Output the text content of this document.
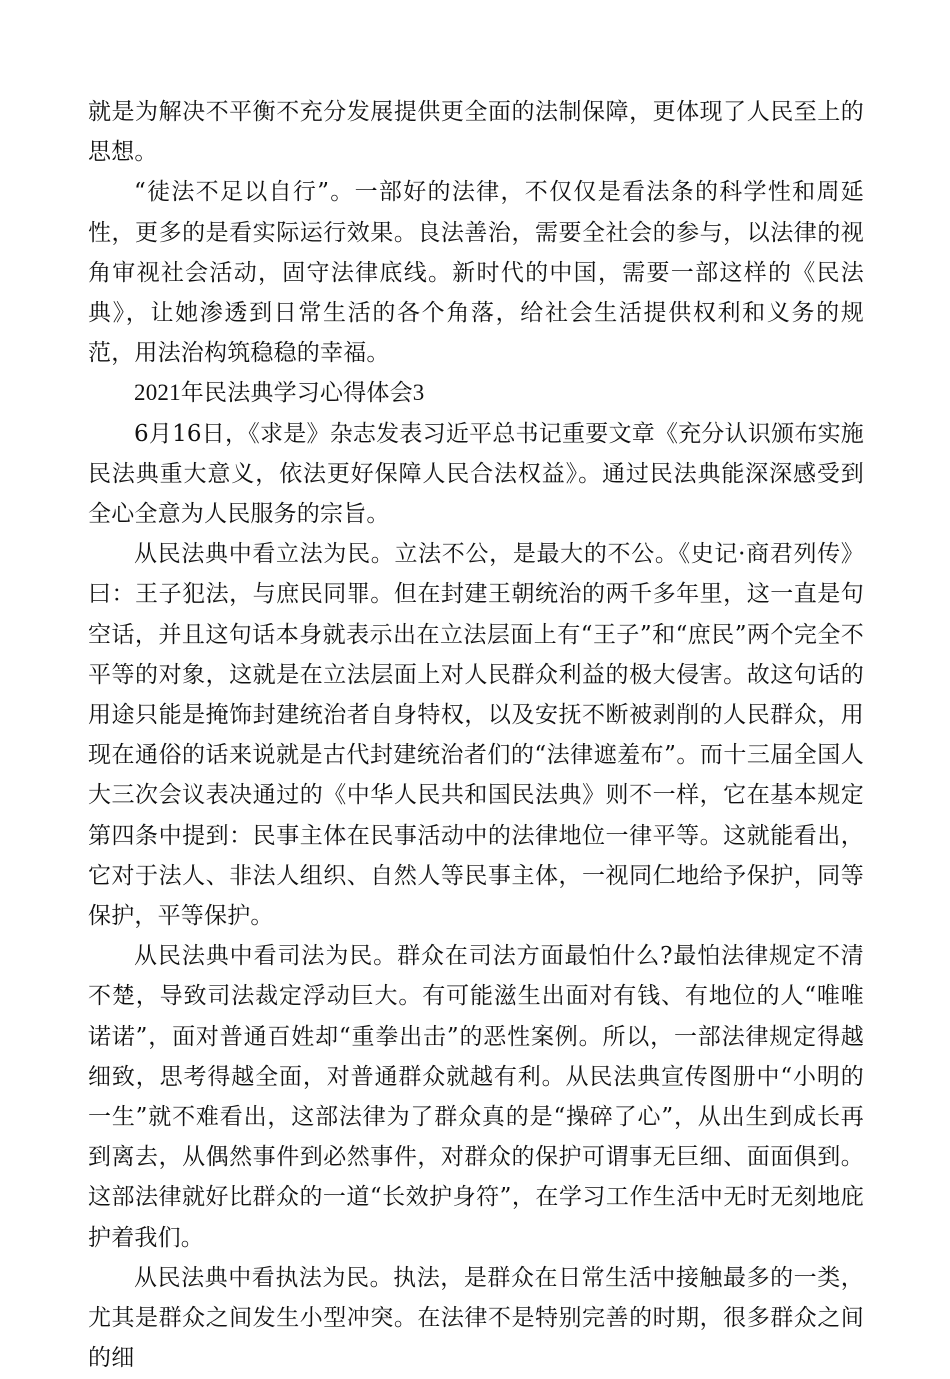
就是为解决不平衡不充分发展提供更全面的法制保障，更体现了人民至上的思想。

“徒法不足以自行”。一部好的法律，不仅仅是看法条的科学性和周延性，更多的是看实际运行效果。良法善治，需要全社会的参与，以法律的视角审视社会活动，固守法律底线。新时代的中国，需要一部这样的《民法典》，让她渗透到日常生活的各个角落，给社会生活提供权利和义务的规范，用法治构筑稳稳的幸福。

2021年民法典学习心得体会3

6月16日，《求是》杂志发表习近平总书记重要文章《充分认识颁布实施民法典重大意义，依法更好保障人民合法权益》。通过民法典能深深感受到全心全意为人民服务的宗旨。

从民法典中看立法为民。立法不公，是最大的不公。《史记·商君列传》曰：王子犯法，与庶民同罪。但在封建王朝统治的两千多年里，这一直是句空话，并且这句话本身就表示出在立法层面上有“王子”和“庶民”两个完全不平等的对象，这就是在立法层面上对人民群众利益的极大侵害。故这句话的用途只能是掩饰封建统治者自身特权，以及安抚不断被剥削的人民群众，用现在通俗的话来说就是古代封建统治者们的“法律遮羞布”。而十三届全国人大三次会议表决通过的《中华人民共和国民法典》则不一样，它在基本规定第四条中提到：民事主体在民事活动中的法律地位一律平等。这就能看出，它对于法人、非法人组织、自然人等民事主体，一视同仁地给予保护，同等保护，平等保护。

从民法典中看司法为民。群众在司法方面最怕什么?最怕法律规定不清不楚，导致司法裁定浮动巨大。有可能滋生出面对有钱、有地位的人“唯唯诺诺”，面对普通百姓却“重拳出击”的恶性案例。所以，一部法律规定得越细致，思考得越全面，对普通群众就越有利。从民法典宣传图册中“小明的一生”就不难看出，这部法律为了群众真的是“操碎了心”，从出生到成长再到离去，从偶然事件到必然事件，对群众的保护可谓事无巨细、面面俱到。这部法律就好比群众的一道“长效护身符”，在学习工作生活中无时无刻地庇护着我们。

从民法典中看执法为民。执法，是群众在日常生活中接触最多的一类，尤其是群众之间发生小型冲突。在法律不是特别完善的时期，很多群众之间的细
